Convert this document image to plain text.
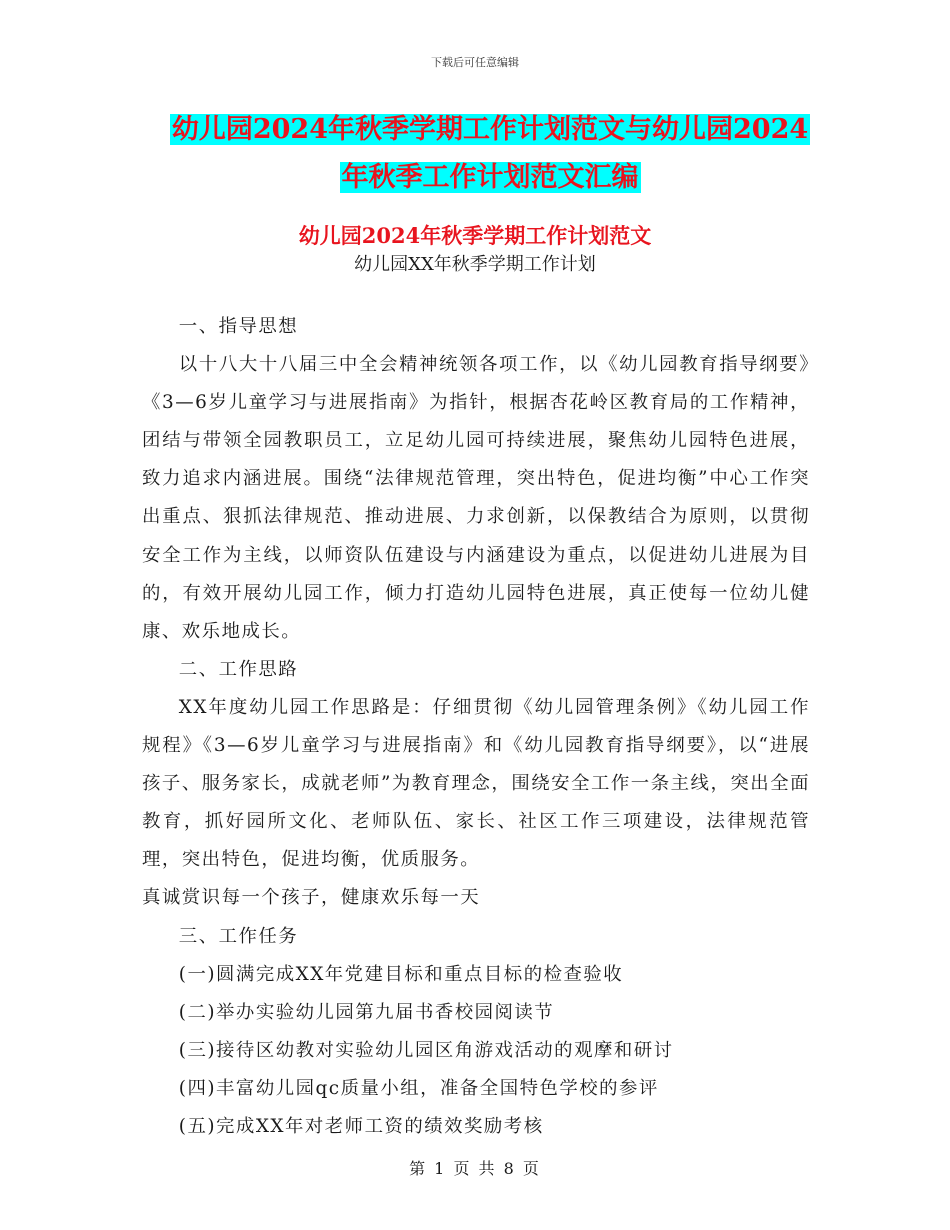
下载后可任意编辑
幼儿园2024年秋季学期工作计划范文与幼儿园2024
年秋季工作计划范文汇编
幼儿园2024年秋季学期工作计划范文
幼儿园XX年秋季学期工作计划

一、指导思想

以十八大十八届三中全会精神统领各项工作，以《幼儿园教育指导纲要》《3—6岁儿童学习与进展指南》为指针，根据杏花岭区教育局的工作精神，团结与带领全园教职员工，立足幼儿园可持续进展，聚焦幼儿园特色进展，致力追求内涵进展。围绕“法律规范管理，突出特色，促进均衡”中心工作突出重点、狠抓法律规范、推动进展、力求创新，以保教结合为原则，以贯彻安全工作为主线，以师资队伍建设与内涵建设为重点，以促进幼儿进展为目的，有效开展幼儿园工作，倾力打造幼儿园特色进展，真正使每一位幼儿健康、欢乐地成长。

二、工作思路

XX年度幼儿园工作思路是：仔细贯彻《幼儿园管理条例》《幼儿园工作规程》《3—6岁儿童学习与进展指南》和《幼儿园教育指导纲要》，以“进展孩子、服务家长，成就老师”为教育理念，围绕安全工作一条主线，突出全面教育，抓好园所文化、老师队伍、家长、社区工作三项建设，法律规范管理，突出特色，促进均衡，优质服务。

真诚赏识每一个孩子，健康欢乐每一天

三、工作任务

(一)圆满完成XX年党建目标和重点目标的检查验收

(二)举办实验幼儿园第九届书香校园阅读节

(三)接待区幼教对实验幼儿园区角游戏活动的观摩和研讨

(四)丰富幼儿园qc质量小组，准备全国特色学校的参评

(五)完成XX年对老师工资的绩效奖励考核

第 1 页 共 8 页
